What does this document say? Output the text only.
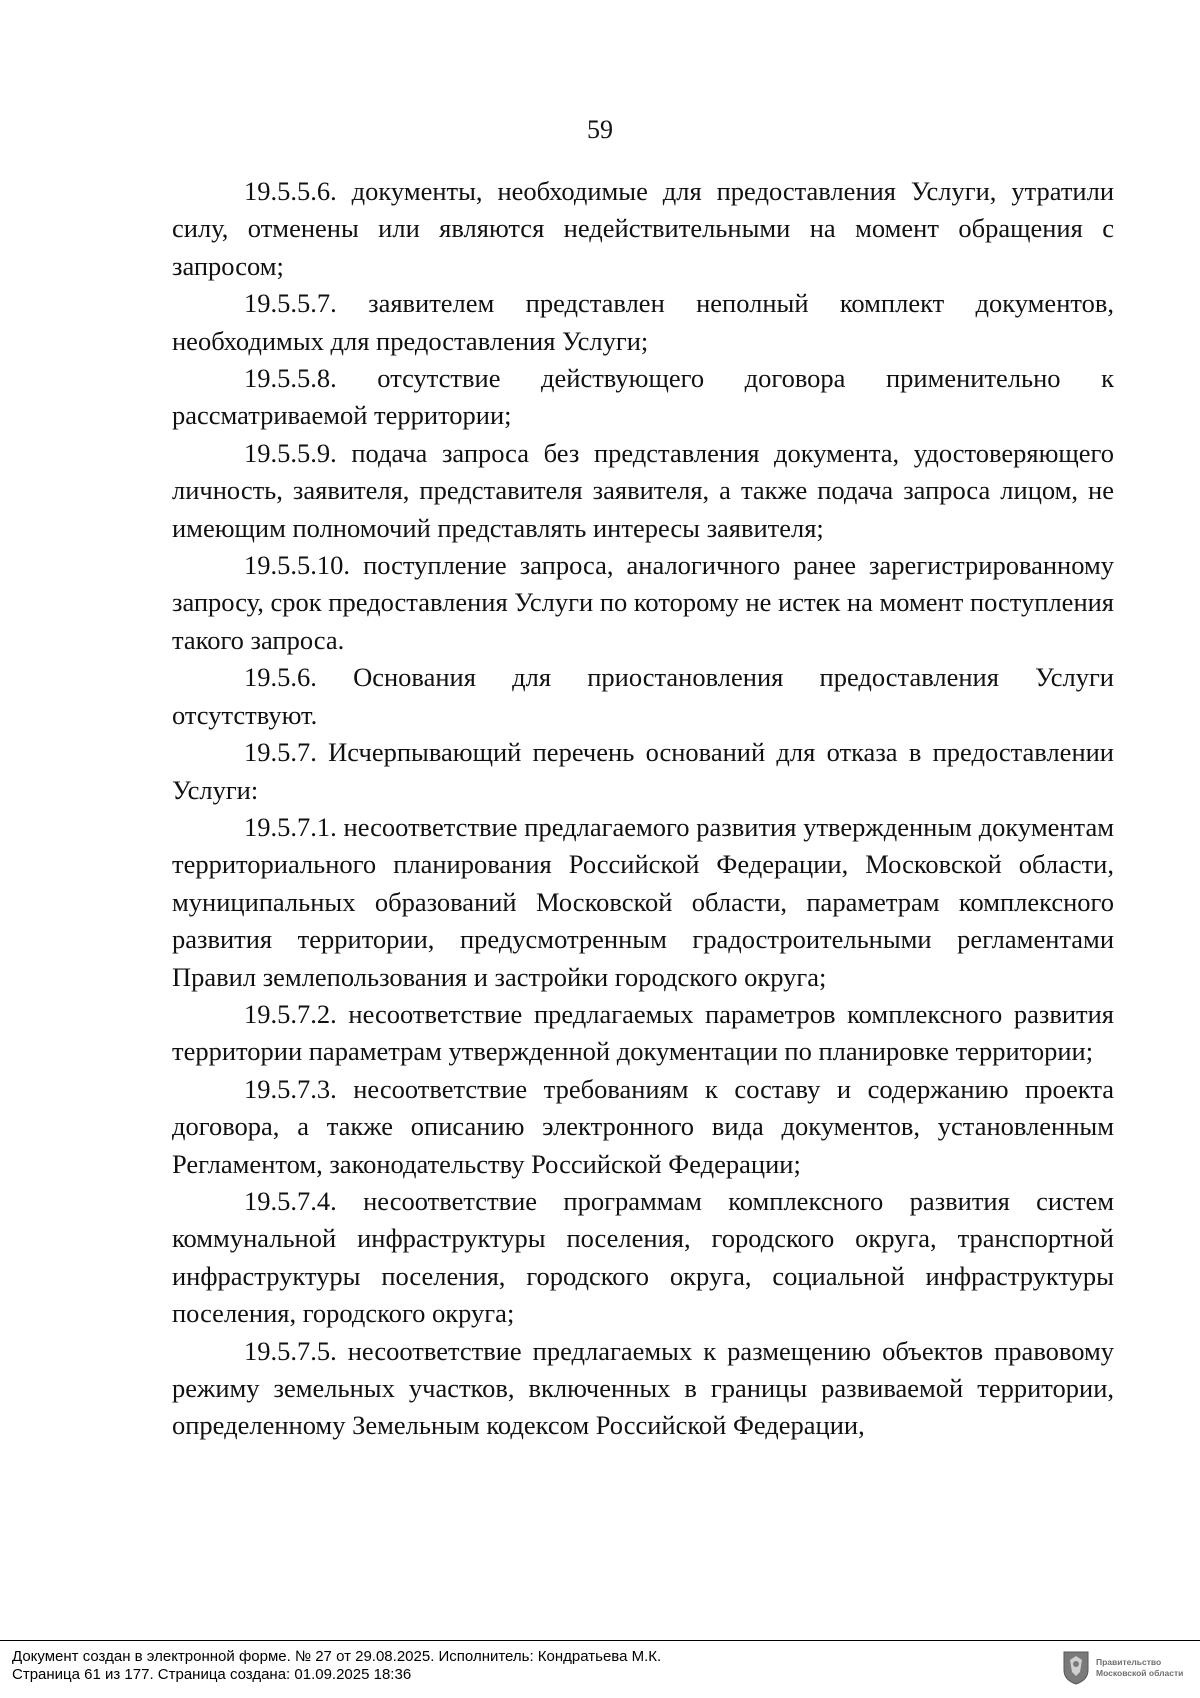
59

19.5.5.6. документы, необходимые для предоставления Услуги, утратили силу, отменены или являются недействительными на момент обращения с запросом;

19.5.5.7. заявителем представлен неполный комплект документов, необходимых для предоставления Услуги;

19.5.5.8. отсутствие действующего договора применительно к рассматриваемой территории;

19.5.5.9. подача запроса без представления документа, удостоверяющего личность, заявителя, представителя заявителя, а также подача запроса лицом, не имеющим полномочий представлять интересы заявителя;

19.5.5.10. поступление запроса, аналогичного ранее зарегистрированному запросу, срок предоставления Услуги по которому не истек на момент поступления такого запроса.

19.5.6. Основания для приостановления предоставления Услуги отсутствуют.

19.5.7. Исчерпывающий перечень оснований для отказа в предоставлении Услуги:

19.5.7.1. несоответствие предлагаемого развития утвержденным документам территориального планирования Российской Федерации, Московской области, муниципальных образований Московской области, параметрам комплексного развития территории, предусмотренным градостроительными регламентами Правил землепользования и застройки городского округа;

19.5.7.2. несоответствие предлагаемых параметров комплексного развития территории параметрам утвержденной документации по планировке территории;

19.5.7.3. несоответствие требованиям к составу и содержанию проекта договора, а также описанию электронного вида документов, установленным Регламентом, законодательству Российской Федерации;

19.5.7.4. несоответствие программам комплексного развития систем коммунальной инфраструктуры поселения, городского округа, транспортной инфраструктуры поселения, городского округа, социальной инфраструктуры поселения, городского округа;

19.5.7.5. несоответствие предлагаемых к размещению объектов правовому режиму земельных участков, включенных в границы развиваемой территории, определенному Земельным кодексом Российской Федерации,

Документ создан в электронной форме. № 27 от 29.08.2025. Исполнитель: Кондратьева М.К.
Страница 61 из 177. Страница создана: 01.09.2025 18:36
Правительство
Московской области
